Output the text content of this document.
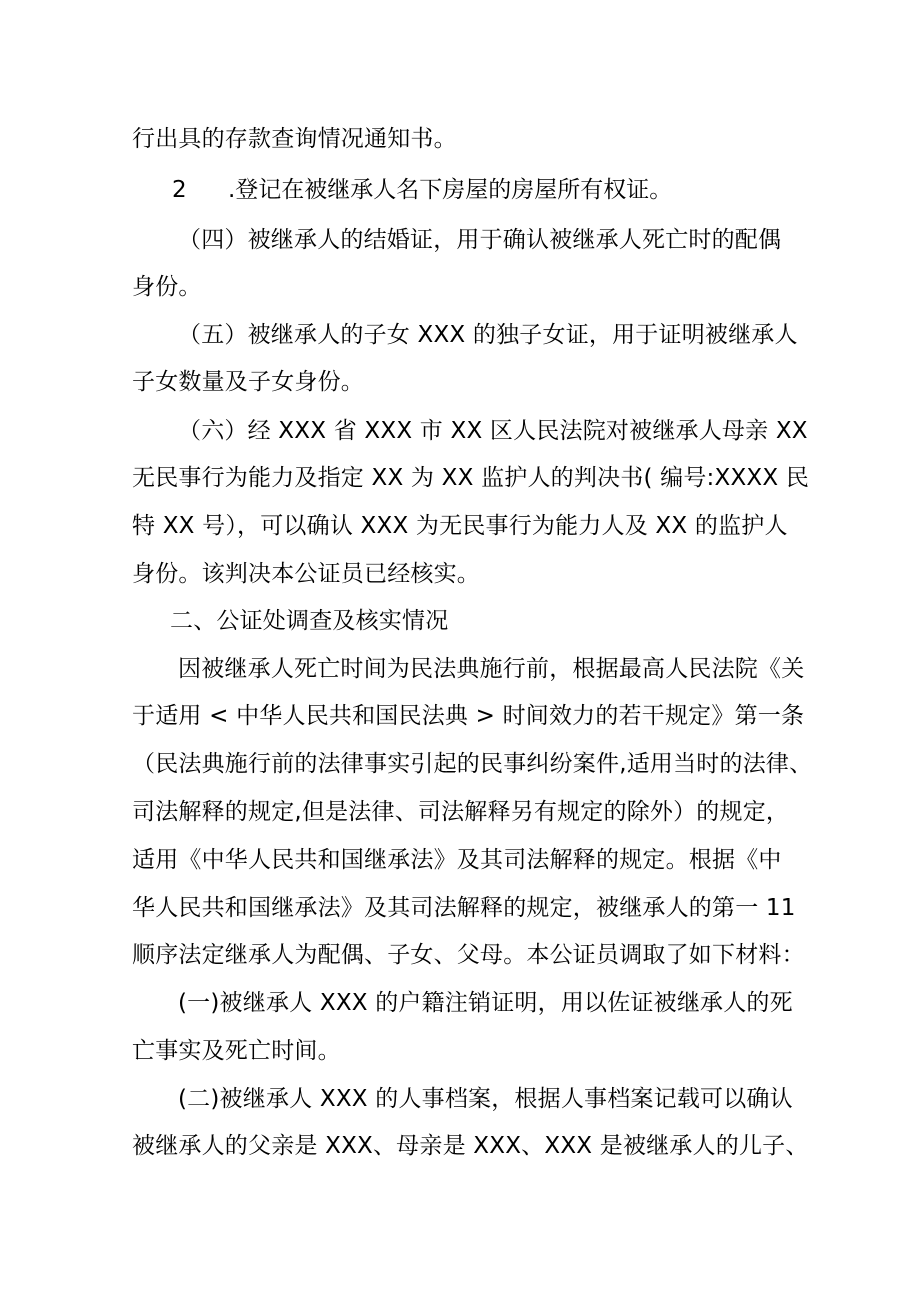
行出具的存款查询情况通知书。
2 .登记在被继承人名下房屋的房屋所有权证。
（四）被继承人的结婚证，用于确认被继承人死亡时的配偶
身份。
（五）被继承人的子女 XXX 的独子女证，用于证明被继承人
子女数量及子女身份。
（六）经 XXX 省 XXX 市 XX 区人民法院对被继承人母亲 XX
无民事行为能力及指定 XX 为 XX 监护人的判决书( 编号:XXXX 民
特 XX 号），可以确认 XXX 为无民事行为能力人及 XX 的监护人
身份。该判决本公证员已经核实。
二、公证处调查及核实情况
因被继承人死亡时间为民法典施行前，根据最高人民法院《关
于适用 < 中华人民共和国民法典 > 时间效力的若干规定》第一条
（民法典施行前的法律事实引起的民事纠纷案件,适用当时的法律、
司法解释的规定,但是法律、司法解释另有规定的除外）的规定，
适用《中华人民共和国继承法》及其司法解释的规定。根据《中
华人民共和国继承法》及其司法解释的规定，被继承人的第一 11
顺序法定继承人为配偶、子女、父母。本公证员调取了如下材料：
(一)被继承人 XXX 的户籍注销证明，用以佐证被继承人的死
亡事实及死亡时间。
(二)被继承人 XXX 的人事档案，根据人事档案记载可以确认
被继承人的父亲是 XXX、母亲是 XXX、XXX 是被继承人的儿子、
